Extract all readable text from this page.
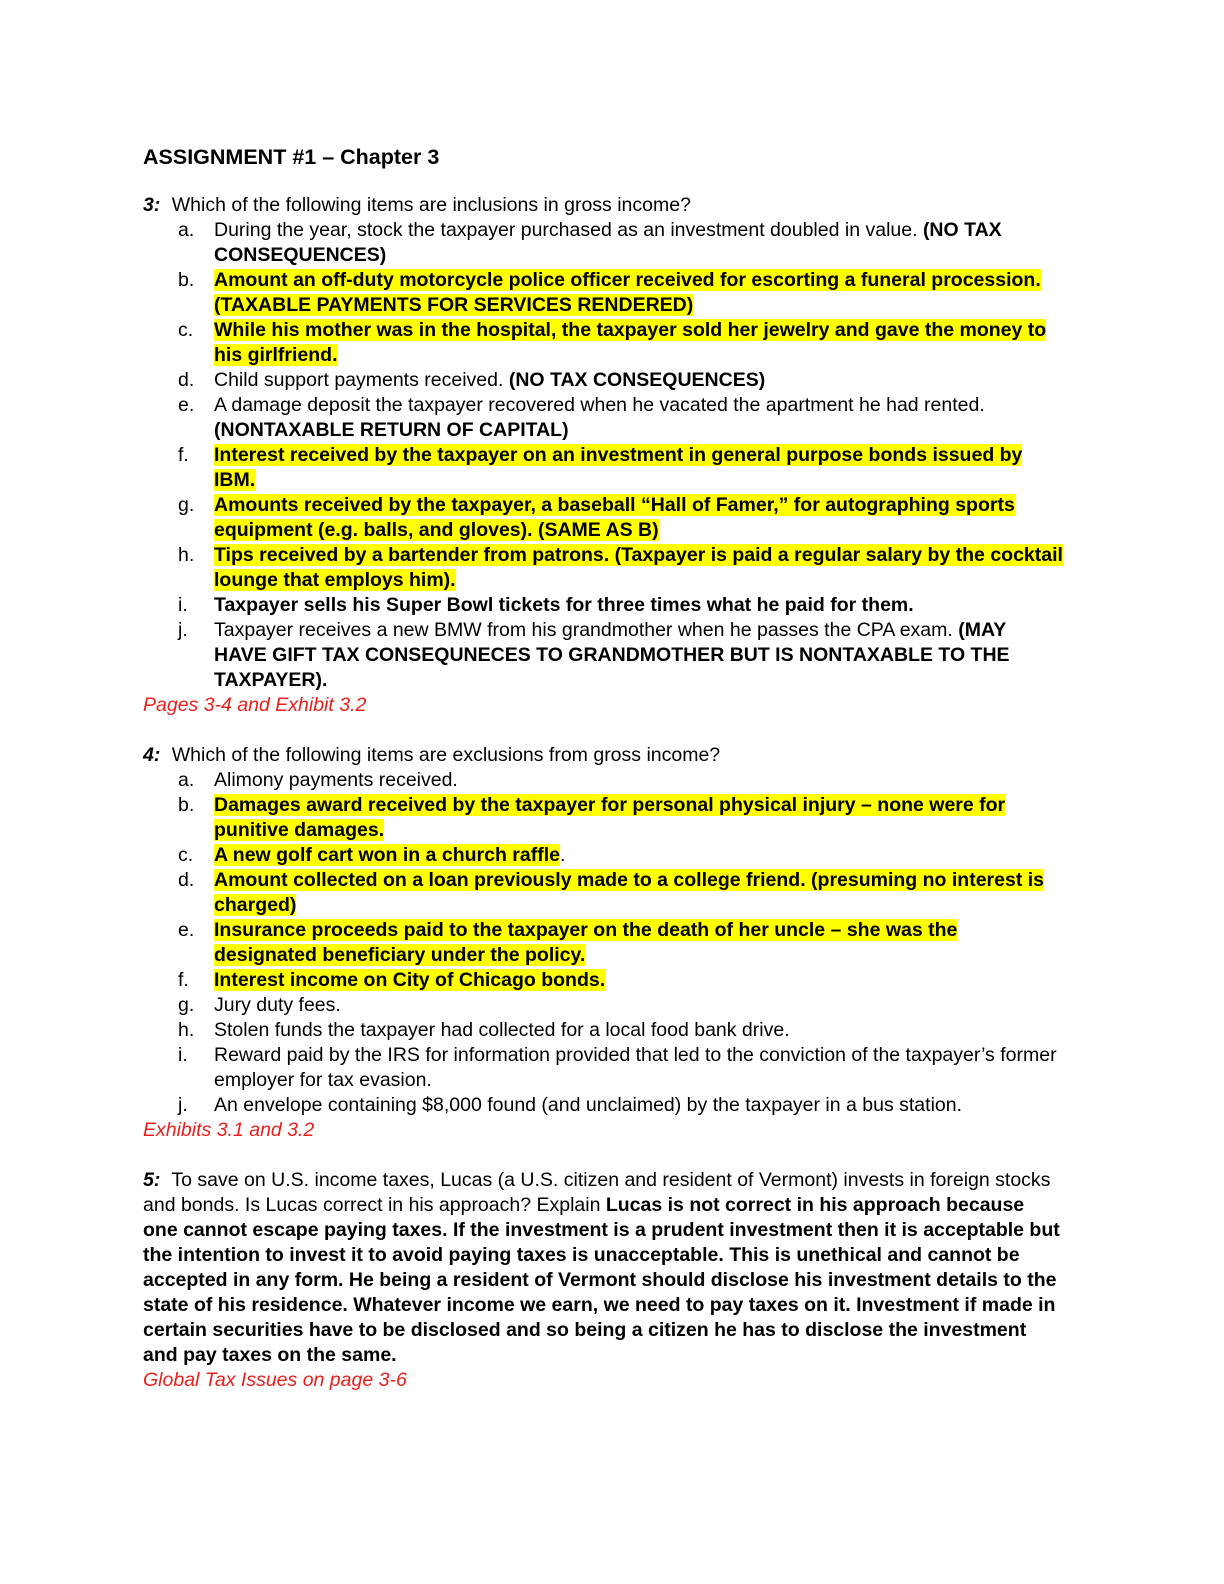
ASSIGNMENT #1 – Chapter 3

3: Which of the following items are inclusions in gross income?

a. During the year, stock the taxpayer purchased as an investment doubled in value. (NO TAX CONSEQUENCES)
b. Amount an off-duty motorcycle police officer received for escorting a funeral procession. (TAXABLE PAYMENTS FOR SERVICES RENDERED)
c. While his mother was in the hospital, the taxpayer sold her jewelry and gave the money to his girlfriend.
d. Child support payments received. (NO TAX CONSEQUENCES)
e. A damage deposit the taxpayer recovered when he vacated the apartment he had rented. (NONTAXABLE RETURN OF CAPITAL)
f. Interest received by the taxpayer on an investment in general purpose bonds issued by IBM.
g. Amounts received by the taxpayer, a baseball “Hall of Famer,” for autographing sports equipment (e.g. balls, and gloves). (SAME AS B)
h. Tips received by a bartender from patrons. (Taxpayer is paid a regular salary by the cocktail lounge that employs him).
i. Taxpayer sells his Super Bowl tickets for three times what he paid for them.
j. Taxpayer receives a new BMW from his grandmother when he passes the CPA exam. (MAY HAVE GIFT TAX CONSEQUNECES TO GRANDMOTHER BUT IS NONTAXABLE TO THE TAXPAYER).

Pages 3-4 and Exhibit 3.2

4: Which of the following items are exclusions from gross income?

a. Alimony payments received.
b. Damages award received by the taxpayer for personal physical injury – none were for punitive damages.
c. A new golf cart won in a church raffle.
d. Amount collected on a loan previously made to a college friend. (presuming no interest is charged)
e. Insurance proceeds paid to the taxpayer on the death of her uncle – she was the designated beneficiary under the policy.
f. Interest income on City of Chicago bonds.
g. Jury duty fees.
h. Stolen funds the taxpayer had collected for a local food bank drive.
i. Reward paid by the IRS for information provided that led to the conviction of the taxpayer’s former employer for tax evasion.
j. An envelope containing $8,000 found (and unclaimed) by the taxpayer in a bus station.

Exhibits 3.1 and 3.2

5: To save on U.S. income taxes, Lucas (a U.S. citizen and resident of Vermont) invests in foreign stocks and bonds. Is Lucas correct in his approach? Explain Lucas is not correct in his approach because one cannot escape paying taxes. If the investment is a prudent investment then it is acceptable but the intention to invest it to avoid paying taxes is unacceptable. This is unethical and cannot be accepted in any form. He being a resident of Vermont should disclose his investment details to the state of his residence. Whatever income we earn, we need to pay taxes on it. Investment if made in certain securities have to be disclosed and so being a citizen he has to disclose the investment and pay taxes on the same.

Global Tax Issues on page 3-6
